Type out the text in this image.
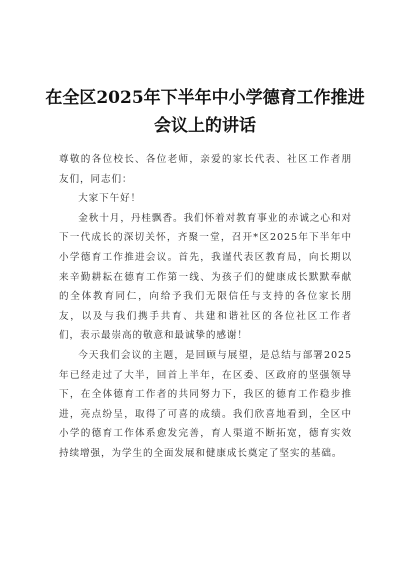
在全区2025年下半年中小学德育工作推进会议上的讲话

尊敬的各位校长、各位老师，亲爱的家长代表、社区工作者朋友们，同志们：

大家下午好！

金秋十月，丹桂飘香。我们怀着对教育事业的赤诚之心和对下一代成长的深切关怀，齐聚一堂，召开*区2025年下半年中小学德育工作推进会议。首先，我谨代表区教育局，向长期以来辛勤耕耘在德育工作第一线、为孩子们的健康成长默默奉献的全体教育同仁，向给予我们无限信任与支持的各位家长朋友，以及与我们携手共育、共建和谐社区的各位社区工作者们，表示最崇高的敬意和最诚挚的感谢！

今天我们会议的主题，是回顾与展望，是总结与部署2025年已经走过了大半，回首上半年，在区委、区政府的坚强领导下，在全体德育工作者的共同努力下，我区的德育工作稳步推进，亮点纷呈，取得了可喜的成绩。我们欣喜地看到，全区中小学的德育工作体系愈发完善，育人渠道不断拓宽，德育实效持续增强，为学生的全面发展和健康成长奠定了坚实的基础。
